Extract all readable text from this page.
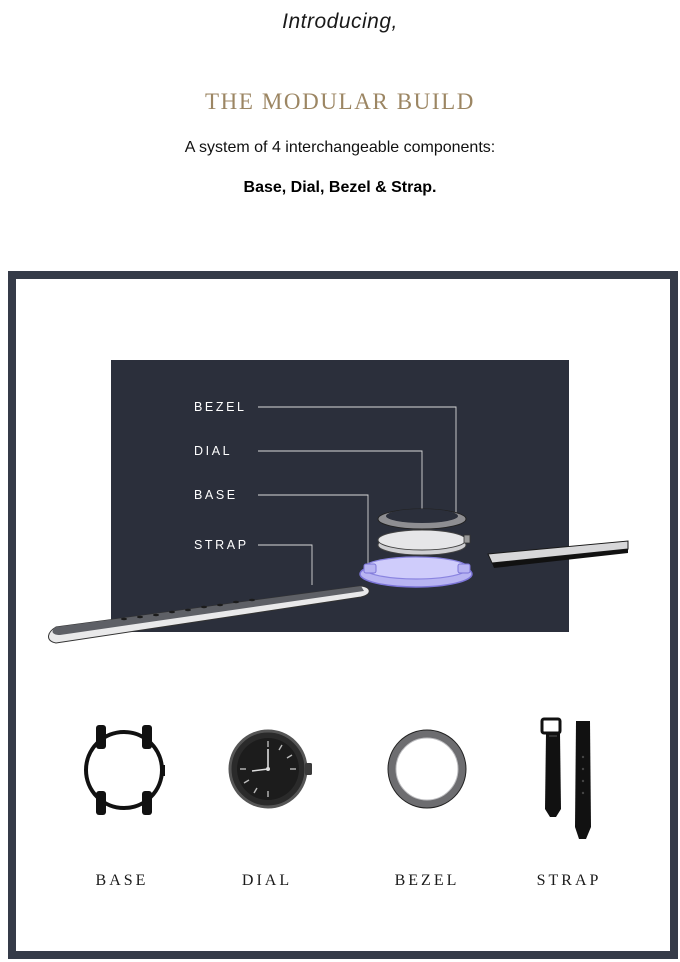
Introducing,
THE MODULAR BUILD
A system of 4 interchangeable components:
Base, Dial, Bezel & Strap.
BEZEL
DIAL
BASE
STRAP
BASE	DIAL	BEZEL	STRAP
